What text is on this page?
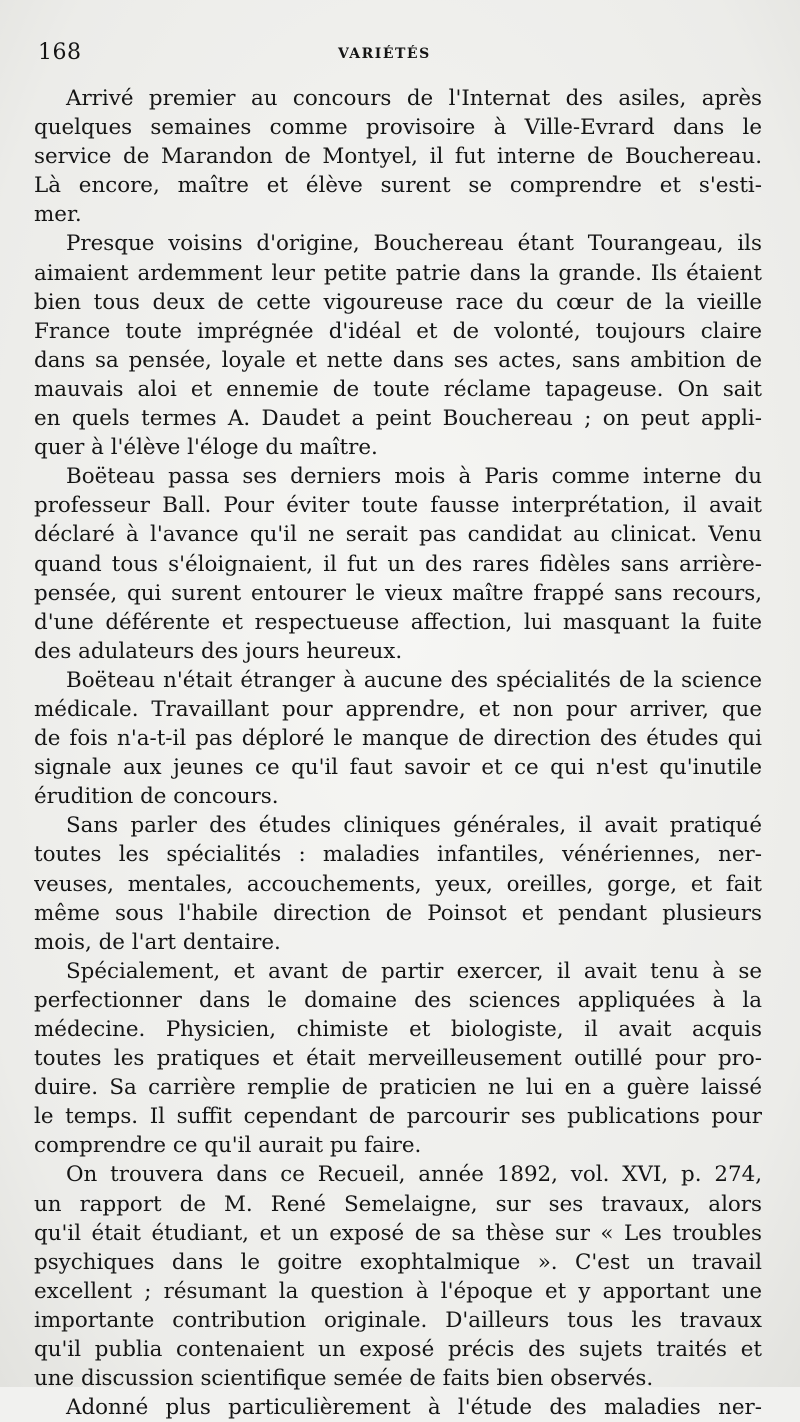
168	VARIÉTÉS
Arrivé premier au concours de l'Internat des asiles, après
quelques semaines comme provisoire à Ville-Evrard dans le
service de Marandon de Montyel, il fut interne de Bouchereau.
Là encore, maître et élève surent se comprendre et s'esti-
mer.
Presque voisins d'origine, Bouchereau étant Tourangeau, ils
aimaient ardemment leur petite patrie dans la grande. Ils étaient
bien tous deux de cette vigoureuse race du cœur de la vieille
France toute imprégnée d'idéal et de volonté, toujours claire
dans sa pensée, loyale et nette dans ses actes, sans ambition de
mauvais aloi et ennemie de toute réclame tapageuse. On sait
en quels termes A. Daudet a peint Bouchereau ; on peut appli-
quer à l'élève l'éloge du maître.
Boëteau passa ses derniers mois à Paris comme interne du
professeur Ball. Pour éviter toute fausse interprétation, il avait
déclaré à l'avance qu'il ne serait pas candidat au clinicat. Venu
quand tous s'éloignaient, il fut un des rares fidèles sans arrière-
pensée, qui surent entourer le vieux maître frappé sans recours,
d'une déférente et respectueuse affection, lui masquant la fuite
des adulateurs des jours heureux.
Boëteau n'était étranger à aucune des spécialités de la science
médicale. Travaillant pour apprendre, et non pour arriver, que
de fois n'a-t-il pas déploré le manque de direction des études qui
signale aux jeunes ce qu'il faut savoir et ce qui n'est qu'inutile
érudition de concours.
Sans parler des études cliniques générales, il avait pratiqué
toutes les spécialités : maladies infantiles, vénériennes, ner-
veuses, mentales, accouchements, yeux, oreilles, gorge, et fait
même sous l'habile direction de Poinsot et pendant plusieurs
mois, de l'art dentaire.
Spécialement, et avant de partir exercer, il avait tenu à se
perfectionner dans le domaine des sciences appliquées à la
médecine. Physicien, chimiste et biologiste, il avait acquis
toutes les pratiques et était merveilleusement outillé pour pro-
duire. Sa carrière remplie de praticien ne lui en a guère laissé
le temps. Il suffit cependant de parcourir ses publications pour
comprendre ce qu'il aurait pu faire.
On trouvera dans ce Recueil, année 1892, vol. XVI, p. 274,
un rapport de M. René Semelaigne, sur ses travaux, alors
qu'il était étudiant, et un exposé de sa thèse sur « Les troubles
psychiques dans le goitre exophtalmique ». C'est un travail
excellent ; résumant la question à l'époque et y apportant une
importante contribution originale. D'ailleurs tous les travaux
qu'il publia contenaient un exposé précis des sujets traités et
une discussion scientifique semée de faits bien observés.
Adonné plus particulièrement à l'étude des maladies ner-
